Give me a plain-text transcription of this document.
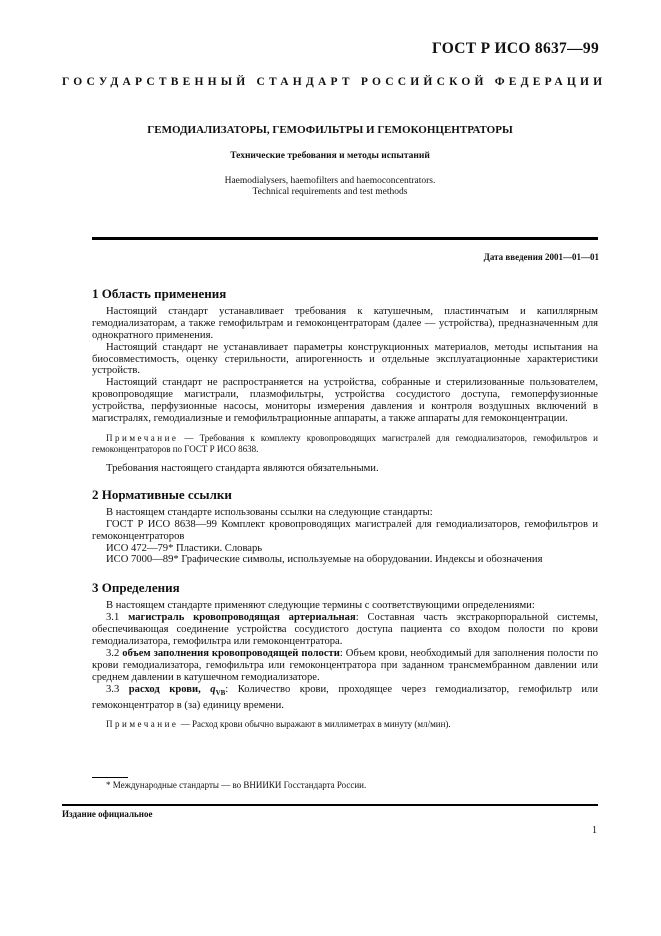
ГОСТ Р ИСО 8637—99
ГОСУДАРСТВЕННЫЙ СТАНДАРТ РОССИЙСКОЙ ФЕДЕРАЦИИ
ГЕМОДИАЛИЗАТОРЫ, ГЕМОФИЛЬТРЫ И ГЕМОКОНЦЕНТРАТОРЫ
Технические требования и методы испытаний
Haemodialysers, haemofilters and haemoconcentrators.
Technical requirements and test methods
Дата введения 2001—01—01
1 Область применения

Настоящий стандарт устанавливает требования к катушечным, пластинчатым и капиллярным гемодиализаторам, а также гемофильтрам и гемоконцентраторам (далее — устройства), предназначенным для однократного применения.

Настоящий стандарт не устанавливает параметры конструкционных материалов, методы испытания на биосовместимость, оценку стерильности, апирогенность и отдельные эксплуатационные характеристики устройств.

Настоящий стандарт не распространяется на устройства, собранные и стерилизованные пользователем, кровопроводящие магистрали, плазмофильтры, устройства сосудистого доступа, гемоперфузионные устройства, перфузионные насосы, мониторы измерения давления и контроля воздушных включений в магистралях, гемодиализные и гемофильтрационные аппараты, а также аппараты для гемоконцентрации.

Примечание — Требования к комплекту кровопроводящих магистралей для гемодиализаторов, гемофильтров и гемоконцентраторов по ГОСТ Р ИСО 8638.

Требования настоящего стандарта являются обязательными.

2 Нормативные ссылки

В настоящем стандарте использованы ссылки на следующие стандарты:

ГОСТ Р ИСО 8638—99 Комплект кровопроводящих магистралей для гемодиализаторов, гемофильтров и гемоконцентраторов

ИСО 472—79* Пластики. Словарь

ИСО 7000—89* Графические символы, используемые на оборудовании. Индексы и обозначения

3 Определения

В настоящем стандарте применяют следующие термины с соответствующими определениями:

3.1 магистраль кровопроводящая артериальная: Составная часть экстракорпоральной системы, обеспечивающая соединение устройства сосудистого доступа пациента со входом полости по крови гемодиализатора, гемофильтра или гемоконцентратора.

3.2 объем заполнения кровопроводящей полости: Объем крови, необходимый для заполнения полости по крови гемодиализатора, гемофильтра или гемоконцентратора при заданном трансмембранном давлении или среднем давлении в катушечном гемодиализаторе.

3.3 расход крови, $q_{VB}$: Количество крови, проходящее через гемодиализатор, гемофильтр или гемоконцентратор в (за) единицу времени.

Примечание — Расход крови обычно выражают в миллиметрах в минуту (мл/мин).

* Международные стандарты — во ВНИИКИ Госстандарта России.
Издание официальное
1
